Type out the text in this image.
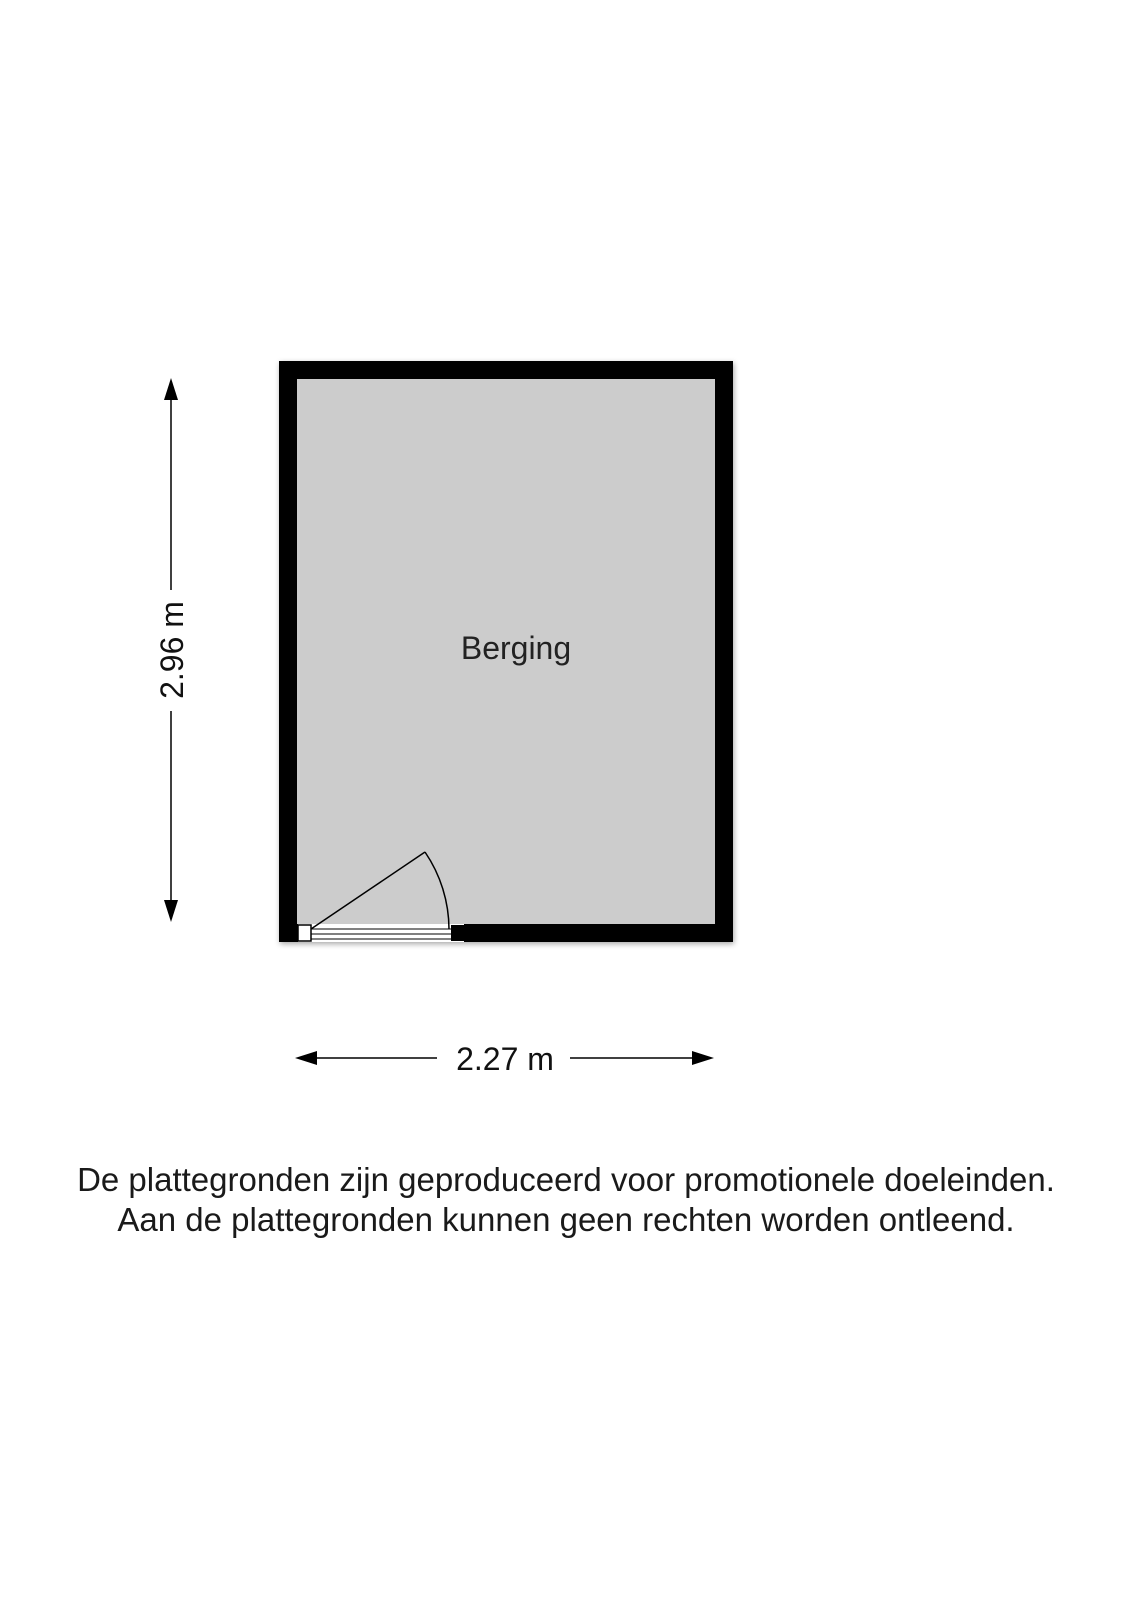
Berging
2.96 m
2.27 m
De plattegronden zijn geproduceerd voor promotionele doeleinden.
Aan de plattegronden kunnen geen rechten worden ontleend.
